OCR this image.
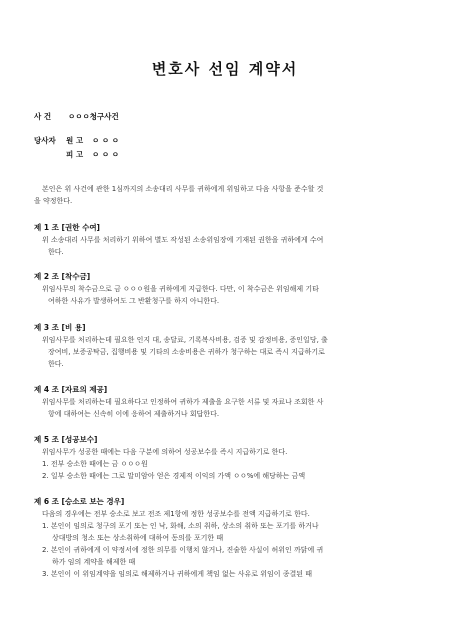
변호사 선임 계약서
사 건 ㅇㅇㅇ청구사건
당사자 원 고 ㅇ ㅇ ㅇ
피 고 ㅇ ㅇ ㅇ
본인은 위 사건에 관한 1심까지의 소송대리 사무를 귀하에게 위임하고 다음 사항을 준수할 것
을 약정한다.
제 1 조 [권한 수여]
위 소송대리 사무를 처리하기 위하여 별도 작성된 소송위임장에 기재된 권한을 귀하에게 수여
한다.
제 2 조 [착수금]
위임사무의 착수금으로 금 ㅇㅇㅇ원을 귀하에게 지급한다. 다만, 이 착수금은 위임해제 기타
여하한 사유가 발생하여도 그 반환청구를 하지 아니한다.
제 3 조 [비 용]
위임사무를 처리하는데 필요한 인지 대, 송달료, 기록복사비용, 검증 및 감정비용, 증인일당, 출
장여비, 보증공탁금, 집행비용 및 기타의 소송비용은 귀하가 청구하는 대로 즉시 지급하기로
한다.
제 4 조 [자료의 제공]
위임사무를 처리하는데 필요하다고 인정하여 귀하가 제출을 요구한 서류 및 자료나 조회한 사
항에 대하여는 신속히 이에 응하여 제출하거나 회답한다.
제 5 조 [성공보수]
위임사무가 성공한 때에는 다음 구분에 의하여 성공보수를 즉시 지급하기로 한다.
1. 전부 승소한 때에는 금 ㅇㅇㅇ원
2. 일부 승소한 때에는 그로 말미암아 얻은 경제적 이익의 가액 ㅇㅇ%에 해당하는 금액
제 6 조 [승소로 보는 경우]
다음의 경우에는 전부 승소로 보고 전조 제1항에 정한 성공보수를 전액 지급하기로 한다.
1. 본인이 임의로 청구의 포기 또는 인 낙, 화해, 소의 취하, 상소의 취하 또는 포기를 하거나
상대방의 청소 또는 상소취하에 대하여 동의를 포기한 때
2. 본인이 귀하에게 이 약정서에 정한 의무를 이행치 않거나, 진술한 사실이 허위인 까닭에 귀
하가 임의 계약을 해제한 때
3. 본인이 이 위임계약을 임의로 해제하거나 귀하에게 책임 없는 사유로 위임이 종결된 때
